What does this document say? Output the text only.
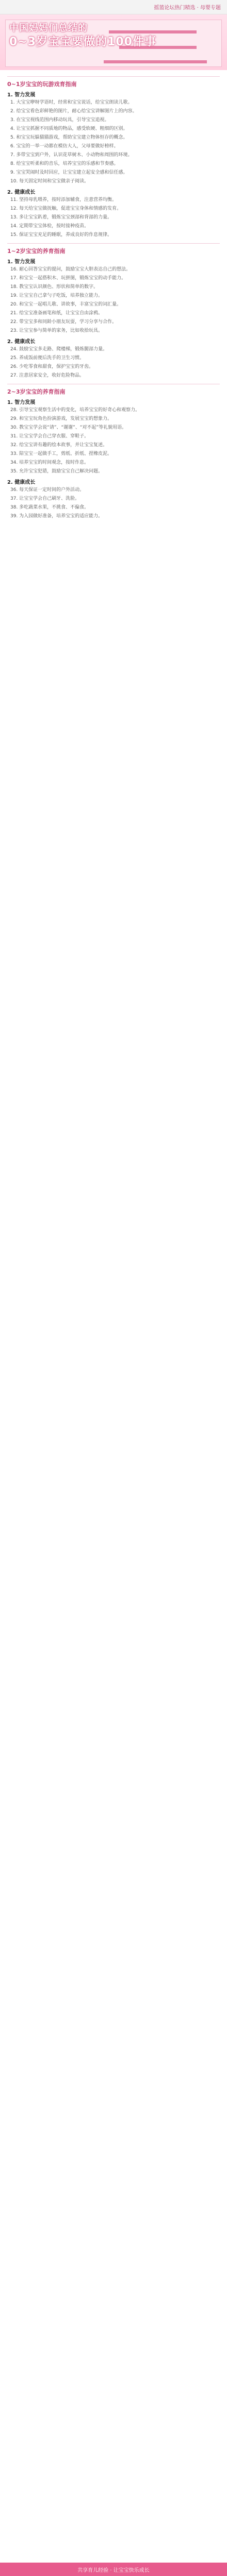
摇篮论坛热门精选 · 母婴专题
中国妈妈们总结的
0~3岁宝宝要做的100件事
0~1岁宝宝的玩游戏育指南
1. 智力发展
1. 大宝宝咿呀学语时，经常和宝宝说话，给宝宝朗读儿歌。
2. 给宝宝看色彩鲜艳的图片，耐心给宝宝讲解图片上的内容。
3. 在宝宝视线范围内移动玩具，引导宝宝追视。
4. 让宝宝抓握不同质地的物品，感受软硬、粗细的区别。
5. 和宝宝玩躲猫猫游戏，帮助宝宝建立物体恒存的概念。
6. 宝宝的一举一动都在模仿大人，父母要做好榜样。
7. 多带宝宝到户外，认识花草树木、小动物和周围的环境。
8. 给宝宝听柔和的音乐，培养宝宝的乐感和节奏感。
9. 宝宝哭闹时及时回应，让宝宝建立起安全感和信任感。
10. 每天固定时间和宝宝做亲子阅读。
2. 健康成长
11. 坚持母乳喂养，按时添加辅食，注意营养均衡。
12. 每天给宝宝做抚触，促进宝宝身体和情感的发育。
13. 多让宝宝趴着，锻炼宝宝颈部和背部的力量。
14. 定期带宝宝体检，按时接种疫苗。
15. 保证宝宝充足的睡眠，养成良好的作息规律。
1~2岁宝宝的养育指南
1. 智力发展
16. 耐心回答宝宝的提问，鼓励宝宝大胆表达自己的想法。
17. 和宝宝一起搭积木、玩拼图，锻炼宝宝的动手能力。
18. 教宝宝认识颜色、形状和简单的数字。
19. 让宝宝自己拿勺子吃饭，培养独立能力。
20. 和宝宝一起唱儿歌、讲故事，丰富宝宝的词汇量。
21. 给宝宝准备画笔和纸，让宝宝自由涂鸦。
22. 带宝宝多和同龄小朋友玩耍，学习分享与合作。
23. 让宝宝参与简单的家务，比如收拾玩具。
2. 健康成长
24. 鼓励宝宝多走路、爬楼梯，锻炼腿部力量。
25. 养成饭前便后洗手的卫生习惯。
26. 少吃零食和甜食，保护宝宝的牙齿。
27. 注意居家安全，收好危险物品。
2~3岁宝宝的养育指南
1. 智力发展
28. 引导宝宝观察生活中的变化，培养宝宝的好奇心和观察力。
29. 和宝宝玩角色扮演游戏，发展宝宝的想象力。
30. 教宝宝学会说“请”、“谢谢”、“对不起”等礼貌用语。
31. 让宝宝学会自己穿衣服、穿鞋子。
32. 给宝宝讲有趣的绘本故事，并让宝宝复述。
33. 陪宝宝一起做手工，剪纸、折纸、捏橡皮泥。
34. 培养宝宝的时间观念，按时作息。
35. 允许宝宝犯错，鼓励宝宝自己解决问题。
2. 健康成长
36. 每天保证一定时间的户外活动。
37. 让宝宝学会自己刷牙、洗脸。
38. 多吃蔬菜水果，不挑食、不偏食。
39. 为入园做好准备，培养宝宝的适应能力。
共享育儿经验 · 让宝宝快乐成长
